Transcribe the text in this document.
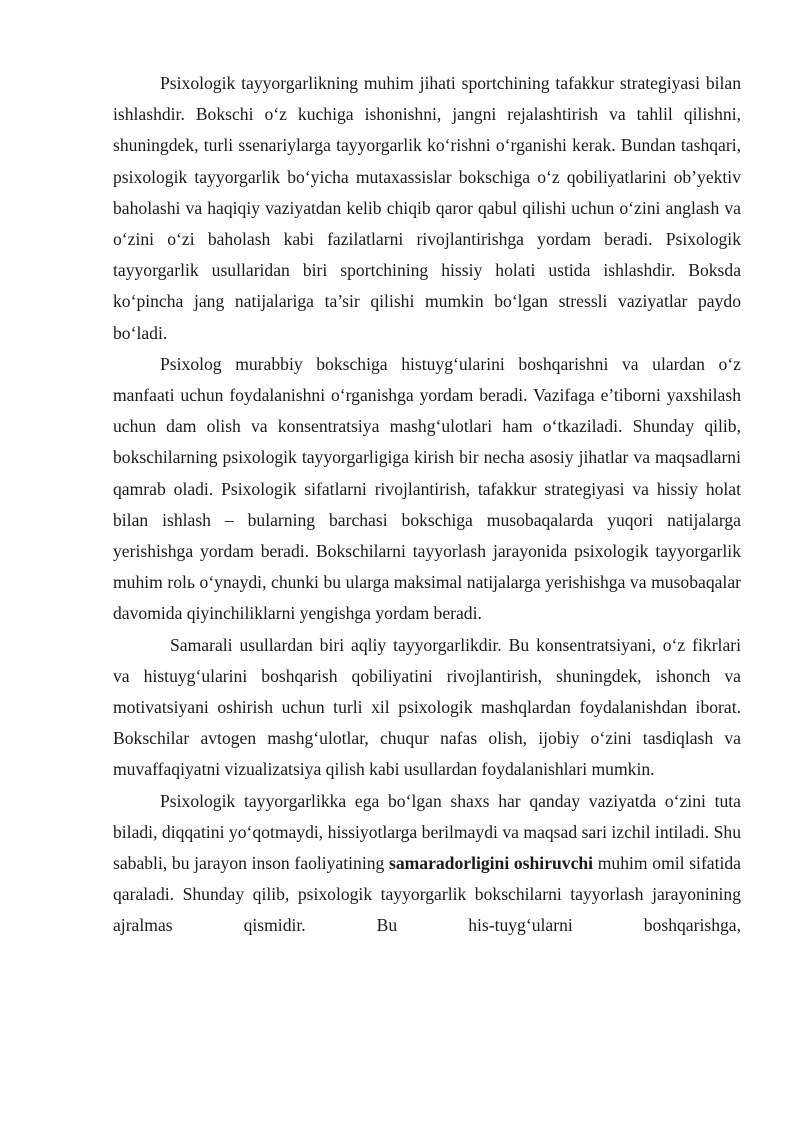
Psixologik tayyorgarlikning muhim jihati sportchining tafakkur strategiyasi bilan ishlashdir. Bokschi o‘z kuchiga ishonishni, jangni rejalashtirish va tahlil qilishni, shuningdek, turli ssenariylarga tayyorgarlik ko‘rishni o‘rganishi kerak. Bundan tashqari, psixologik tayyorgarlik bo‘yicha mutaxassislar bokschiga o‘z qobiliyatlarini ob’yektiv baholashi va haqiqiy vaziyatdan kelib chiqib qaror qabul qilishi uchun o‘zini anglash va o‘zini o‘zi baholash kabi fazilatlarni rivojlantirishga yordam beradi. Psixologik tayyorgarlik usullaridan biri sportchining hissiy holati ustida ishlashdir. Boksda ko‘pincha jang natijalariga ta’sir qilishi mumkin bo‘lgan stressli vaziyatlar paydo bo‘ladi.

Psixolog murabbiy bokschiga histuyg‘ularini boshqarishni va ulardan o‘z manfaati uchun foydalanishni o‘rganishga yordam beradi. Vazifaga e’tiborni yaxshilash uchun dam olish va konsentratsiya mashg‘ulotlari ham o‘tkaziladi. Shunday qilib, bokschilarning psixologik tayyorgarligiga kirish bir necha asosiy jihatlar va maqsadlarni qamrab oladi. Psixologik sifatlarni rivojlantirish, tafakkur strategiyasi va hissiy holat bilan ishlash – bularning barchasi bokschiga musobaqalarda yuqori natijalarga yerishishga yordam beradi. Bokschilarni tayyorlash jarayonida psixologik tayyorgarlik muhim rolь o‘ynaydi, chunki bu ularga maksimal natijalarga yerishishga va musobaqalar davomida qiyinchiliklarni yengishga yordam beradi.

Samarali usullardan biri aqliy tayyorgarlikdir. Bu konsentratsiyani, o‘z fikrlari va histuyg‘ularini boshqarish qobiliyatini rivojlantirish, shuningdek, ishonch va motivatsiyani oshirish uchun turli xil psixologik mashqlardan foydalanishdan iborat. Bokschilar avtogen mashg‘ulotlar, chuqur nafas olish, ijobiy o‘zini tasdiqlash va muvaffaqiyatni vizualizatsiya qilish kabi usullardan foydalanishlari mumkin.

Psixologik tayyorgarlikka ega bo‘lgan shaxs har qanday vaziyatda o‘zini tuta biladi, diqqatini yo‘qotmaydi, hissiyotlarga berilmaydi va maqsad sari izchil intiladi. Shu sababli, bu jarayon inson faoliyatining samaradorligini oshiruvchi muhim omil sifatida qaraladi. Shunday qilib, psixologik tayyorgarlik bokschilarni tayyorlash jarayonining ajralmas qismidir. Bu his-tuyg‘ularni boshqarishga,
